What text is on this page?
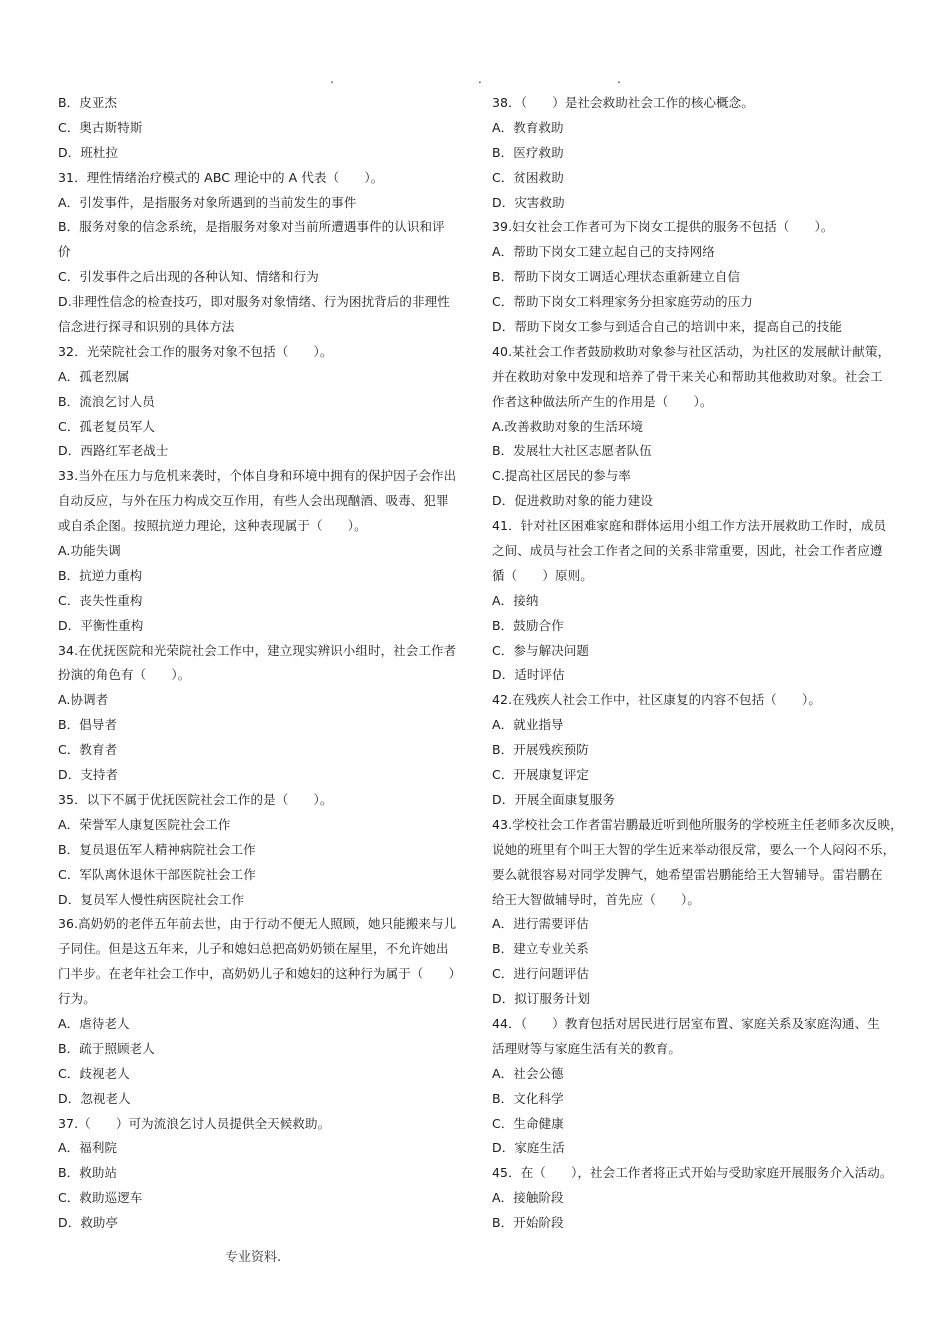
.	.	.
B．皮亚杰
C．奥古斯特斯
D．班杜拉
31．理性情绪治疗模式的 ABC 理论中的 A 代表（　　）。
A．引发事件，是指服务对象所遇到的当前发生的事件
B．服务对象的信念系统，是指服务对象对当前所遭遇事件的认识和评
价
C．引发事件之后出现的各种认知、情绪和行为
D.非理性信念的检查技巧，即对服务对象情绪、行为困扰背后的非理性
信念进行探寻和识别的具体方法
32．光荣院社会工作的服务对象不包括（　　）。
A．孤老烈属
B．流浪乞讨人员
C．孤老复员军人
D．西路红军老战士
33.当外在压力与危机来袭时，个体自身和环境中拥有的保护因子会作出
自动反应，与外在压力构成交互作用，有些人会出现酗酒、吸毒、犯罪
或自杀企图。按照抗逆力理论，这种表现属于（　　）。
A.功能失调
B．抗逆力重构
C．丧失性重构
D．平衡性重构
34.在优抚医院和光荣院社会工作中，建立现实辨识小组时，社会工作者
扮演的角色有（　　）。
A.协调者
B．倡导者
C．教育者
D．支持者
35．以下不属于优抚医院社会工作的是（　　）。
A．荣誉军人康复医院社会工作
B．复员退伍军人精神病院社会工作
C．军队离休退休干部医院社会工作
D．复员军人慢性病医院社会工作
36.高奶奶的老伴五年前去世，由于行动不便无人照顾，她只能搬来与儿
子同住。但是这五年来，儿子和媳妇总把高奶奶锁在屋里，不允许她出
门半步。在老年社会工作中，高奶奶儿子和媳妇的这种行为属于（　　）
行为。
A．虐待老人
B．疏于照顾老人
C．歧视老人
D．忽视老人
37.（　　）可为流浪乞讨人员提供全天候救助。
A．福利院
B．救助站
C．救助巡逻车
D．救助亭
38．（　　）是社会救助社会工作的核心概念。
A．教育救助
B．医疗救助
C．贫困救助
D．灾害救助
39.妇女社会工作者可为下岗女工提供的服务不包括（　　）。
A．帮助下岗女工建立起自己的支持网络
B．帮助下岗女工调适心理状态重新建立自信
C．帮助下岗女工料理家务分担家庭劳动的压力
D．帮助下岗女工参与到适合自己的培训中来，提高自己的技能
40.某社会工作者鼓励救助对象参与社区活动，为社区的发展献计献策，
并在救助对象中发现和培养了骨干来关心和帮助其他救助对象。社会工
作者这种做法所产生的作用是（　　）。
A.改善救助对象的生活环境
B．发展壮大社区志愿者队伍
C.提高社区居民的参与率
D．促进救助对象的能力建设
41．针对社区困难家庭和群体运用小组工作方法开展救助工作时，成员
之间、成员与社会工作者之间的关系非常重要，因此，社会工作者应遵
循（　　）原则。
A．接纳
B．鼓励合作
C．参与解决问题
D．适时评估
42.在残疾人社会工作中，社区康复的内容不包括（　　）。
A．就业指导
B．开展残疾预防
C．开展康复评定
D．开展全面康复服务
43.学校社会工作者雷岩鹏最近听到他所服务的学校班主任老师多次反映，
说她的班里有个叫王大智的学生近来举动很反常，要么一个人闷闷不乐，
要么就很容易对同学发脾气，她希望雷岩鹏能给王大智辅导。雷岩鹏在
给王大智做辅导时，首先应（　　）。
A．进行需要评估
B．建立专业关系
C．进行问题评估
D．拟订服务计划
44．（　　）教育包括对居民进行居室布置、家庭关系及家庭沟通、生
活理财等与家庭生活有关的教育。
A．社会公德
B．文化科学
C．生命健康
D．家庭生活
45．在（　　），社会工作者将正式开始与受助家庭开展服务介入活动。
A．接触阶段
B．开始阶段
专业资料.
